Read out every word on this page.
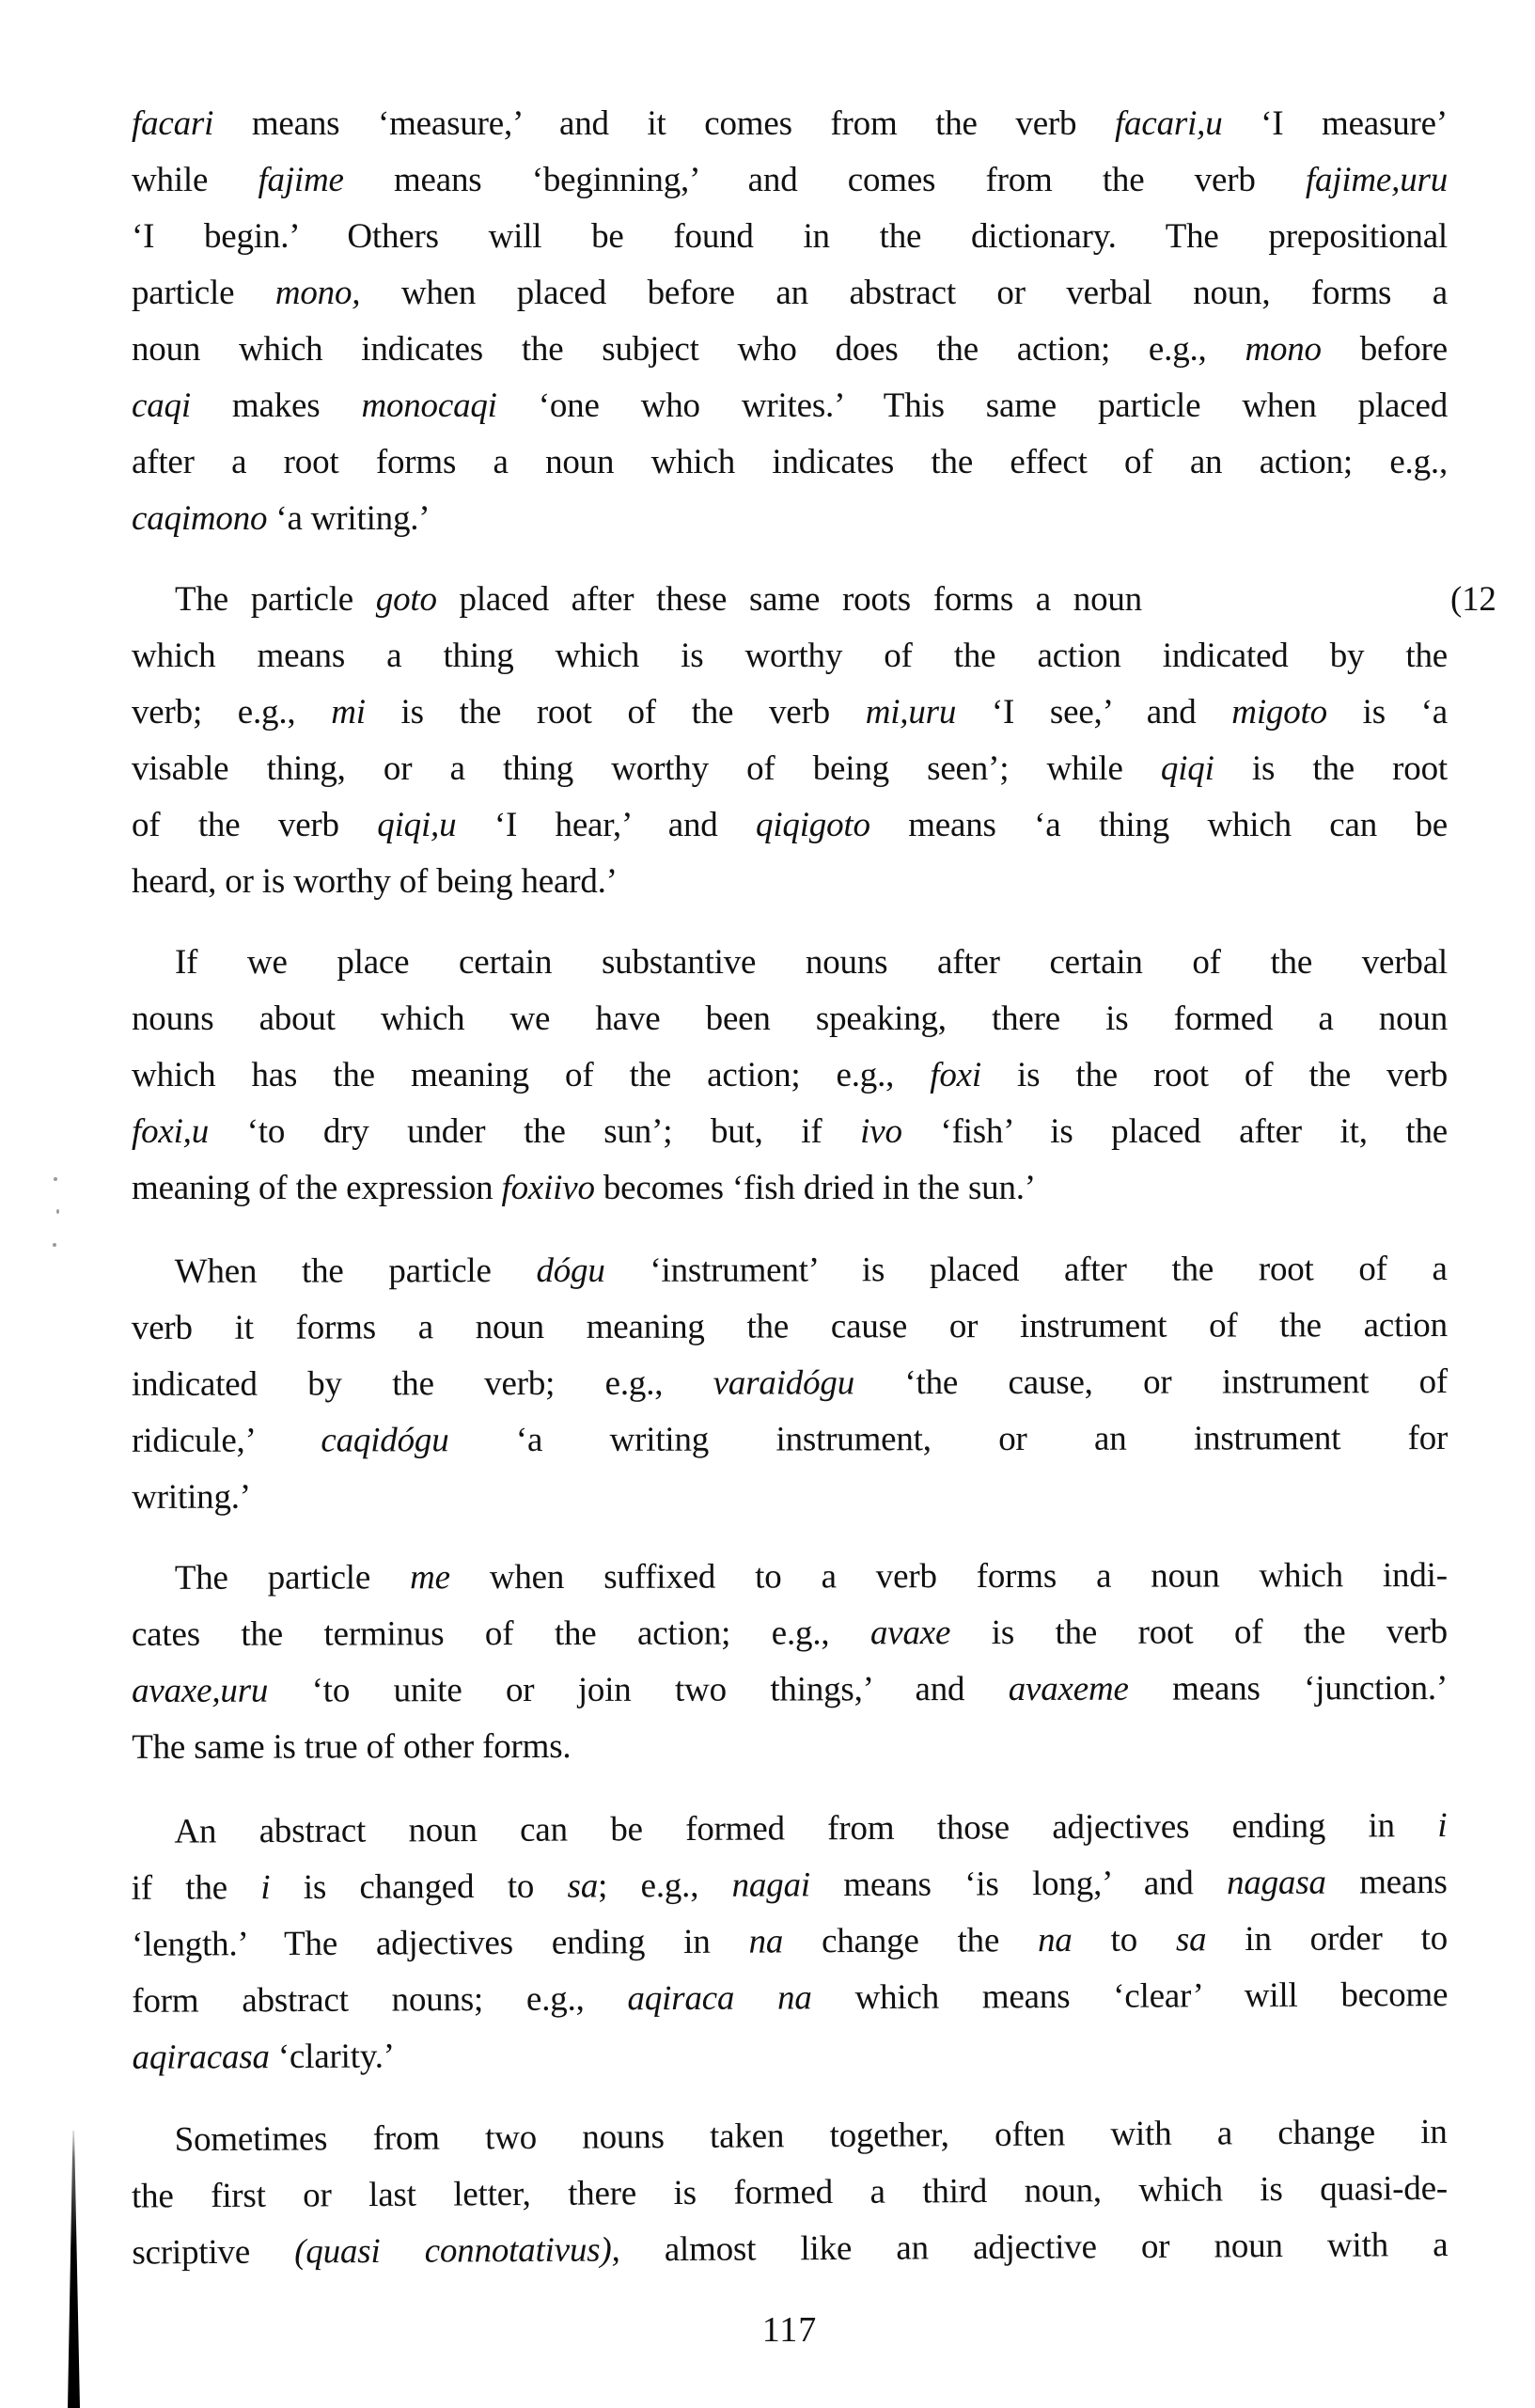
facari means ‘measure,’ and it comes from the verb facari,u ‘I measure’
while fajime means ‘beginning,’ and comes from the verb fajime,uru
‘I begin.’ Others will be found in the dictionary. The prepositional
particle mono, when placed before an abstract or verbal noun, forms a
noun which indicates the subject who does the action; e.g., mono before
caqi makes monocaqi ‘one who writes.’ This same particle when placed
after a root forms a noun which indicates the effect of an action; e.g.,
caqimono ‘a writing.’
The particle goto placed after these same roots forms a noun	(12
which means a thing which is worthy of the action indicated by the
verb; e.g., mi is the root of the verb mi,uru ‘I see,’ and migoto is ‘a
visable thing, or a thing worthy of being seen’; while qiqi is the root
of the verb qiqi,u ‘I hear,’ and qiqigoto means ‘a thing which can be
heard, or is worthy of being heard.’
If we place certain substantive nouns after certain of the verbal
nouns about which we have been speaking, there is formed a noun
which has the meaning of the action; e.g., foxi is the root of the verb
foxi,u ‘to dry under the sun’; but, if ivo ‘fish’ is placed after it, the
meaning of the expression foxiivo becomes ‘fish dried in the sun.’
When the particle dógu ‘instrument’ is placed after the root of a
verb it forms a noun meaning the cause or instrument of the action
indicated by the verb; e.g., varaidógu ‘the cause, or instrument of
ridicule,’ caqidógu ‘a writing instrument, or an instrument for
writing.’
The particle me when suffixed to a verb forms a noun which indi-
cates the terminus of the action; e.g., avaxe is the root of the verb
avaxe,uru ‘to unite or join two things,’ and avaxeme means ‘junction.’
The same is true of other forms.
An abstract noun can be formed from those adjectives ending in i
if the i is changed to sa; e.g., nagai means ‘is long,’ and nagasa means
‘length.’ The adjectives ending in na change the na to sa in order to
form abstract nouns; e.g., aqiraca na which means ‘clear’ will become
aqiracasa ‘clarity.’
Sometimes from two nouns taken together, often with a change in
the first or last letter, there is formed a third noun, which is quasi-de-
scriptive (quasi connotativus), almost like an adjective or noun with a
117
